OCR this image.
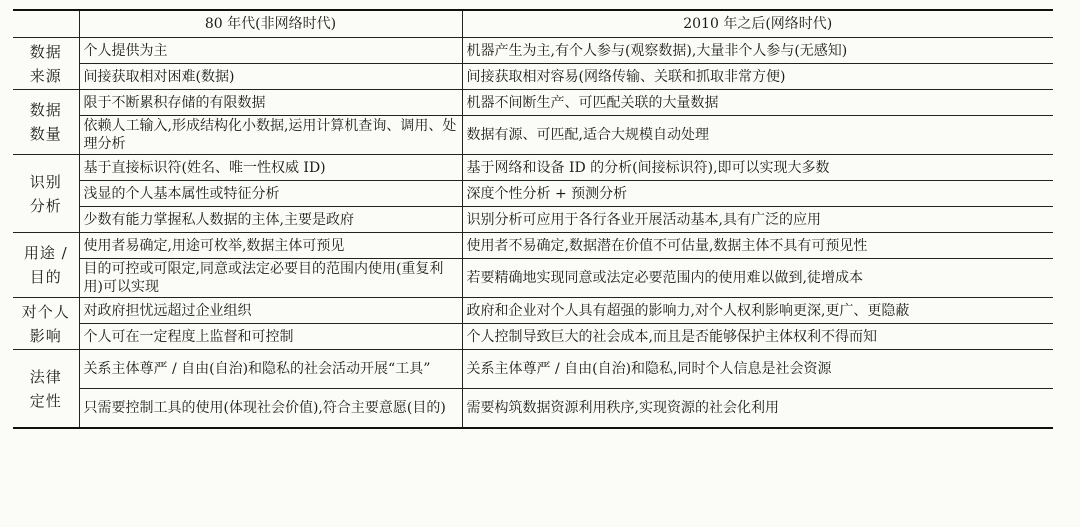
	80 年代(非网络时代)	2010 年之后(网络时代)
数据
来源	个人提供为主	机器产生为主,有个人参与(观察数据),大量非个人参与(无感知)
	间接获取相对困难(数据)	间接获取相对容易(网络传输、关联和抓取非常方便)
数据
数量	限于不断累积存储的有限数据	机器不间断生产、可匹配关联的大量数据
	依赖人工输入,形成结构化小数据,运用计算机查询、调用、处理分析	数据有源、可匹配,适合大规模自动处理
识别
分析	基于直接标识符(姓名、唯一性权威 ID)	基于网络和设备 ID 的分析(间接标识符),即可以实现大多数
	浅显的个人基本属性或特征分析	深度个性分析 + 预测分析
	少数有能力掌握私人数据的主体,主要是政府	识别分析可应用于各行各业开展活动基本,具有广泛的应用
用途 /
目的	使用者易确定,用途可枚举,数据主体可预见	使用者不易确定,数据潜在价值不可估量,数据主体不具有可预见性
	目的可控或可限定,同意或法定必要目的范围内使用(重复利用)可以实现	若要精确地实现同意或法定必要范围内的使用难以做到,徒增成本
对个人
影响	对政府担忧远超过企业组织	政府和企业对个人具有超强的影响力,对个人权利影响更深,更广、更隐蔽
	个人可在一定程度上监督和可控制	个人控制导致巨大的社会成本,而且是否能够保护主体权利不得而知
法律
定性	关系主体尊严 / 自由(自治)和隐私的社会活动开展“工具”	关系主体尊严 / 自由(自治)和隐私,同时个人信息是社会资源
	只需要控制工具的使用(体现社会价值),符合主要意愿(目的)	需要构筑数据资源利用秩序,实现资源的社会化利用
